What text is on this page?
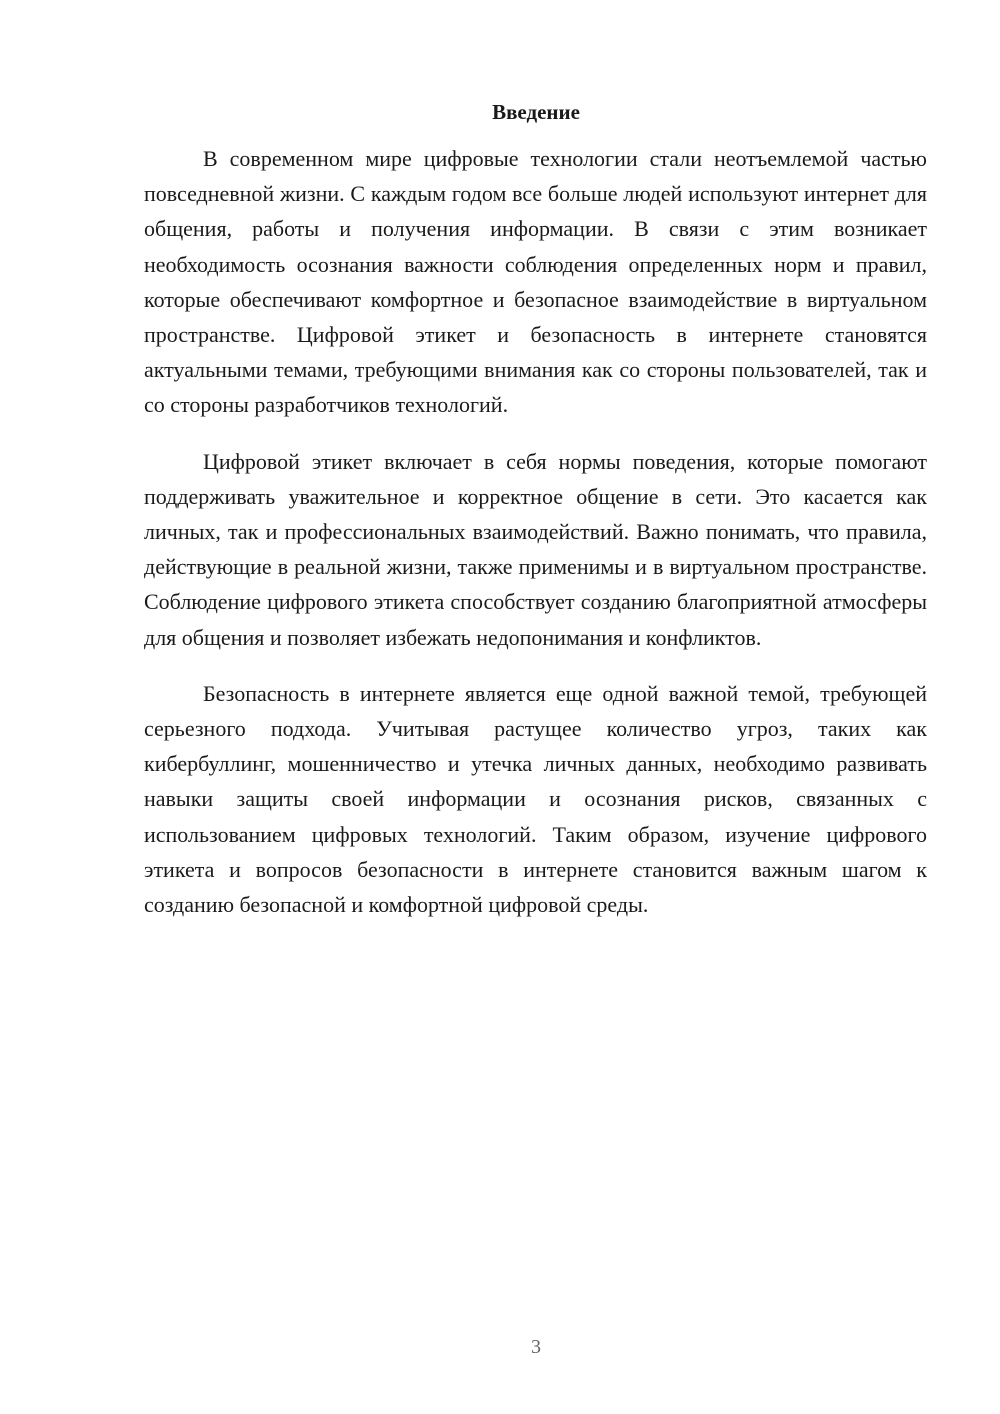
Введение

В современном мире цифровые технологии стали неотъемлемой частью повседневной жизни. С каждым годом все больше людей используют интернет для общения, работы и получения информации. В связи с этим возникает необходимость осознания важности соблюдения определенных норм и правил, которые обеспечивают комфортное и безопасное взаимодействие в виртуальном пространстве. Цифровой этикет и безопасность в интернете становятся актуальными темами, требующими внимания как со стороны пользователей, так и со стороны разработчиков технологий.

Цифровой этикет включает в себя нормы поведения, которые помогают поддерживать уважительное и корректное общение в сети. Это касается как личных, так и профессиональных взаимодействий. Важно понимать, что правила, действующие в реальной жизни, также применимы и в виртуальном пространстве. Соблюдение цифрового этикета способствует созданию благоприятной атмосферы для общения и позволяет избежать недопонимания и конфликтов.

Безопасность в интернете является еще одной важной темой, требующей серьезного подхода. Учитывая растущее количество угроз, таких как кибербуллинг, мошенничество и утечка личных данных, необходимо развивать навыки защиты своей информации и осознания рисков, связанных с использованием цифровых технологий. Таким образом, изучение цифрового этикета и вопросов безопасности в интернете становится важным шагом к созданию безопасной и комфортной цифровой среды.

3
